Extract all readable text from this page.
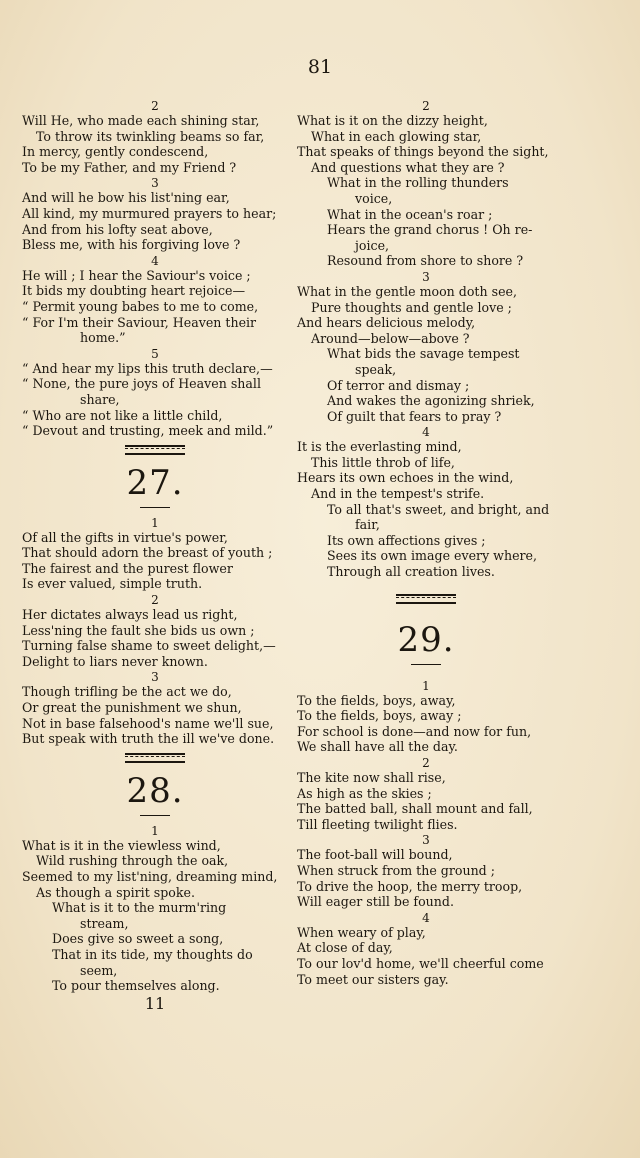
81
2
Will He, who made each shining star,
To throw its twinkling beams so far,
In mercy, gently condescend,
To be my Father, and my Friend ?
3
And will he bow his list'ning ear,
All kind, my murmured prayers to hear;
And from his lofty seat above,
Bless me, with his forgiving love ?
4
He will ; I hear the Saviour's voice ;
It bids my doubting heart rejoice—
“ Permit young babes to me to come,
“ For I'm their Saviour, Heaven their
home.”
5
“ And hear my lips this truth declare,—
“ None, the pure joys of Heaven shall
share,
“ Who are not like a little child,
“ Devout and trusting, meek and mild.”
27.
1
Of all the gifts in virtue's power,
That should adorn the breast of youth ;
The fairest and the purest flower
Is ever valued, simple truth.
2
Her dictates always lead us right,
Less'ning the fault she bids us own ;
Turning false shame to sweet delight,—
Delight to liars never known.
3
Though trifling be the act we do,
Or great the punishment we shun,
Not in base falsehood's name we'll sue,
But speak with truth the ill we've done.
28.
1
What is it in the viewless wind,
Wild rushing through the oak,
Seemed to my list'ning, dreaming mind,
As though a spirit spoke.
What is it to the murm'ring
stream,
Does give so sweet a song,
That in its tide, my thoughts do
seem,
To pour themselves along.
11
2
What is it on the dizzy height,
What in each glowing star,
That speaks of things beyond the sight,
And questions what they are ?
What in the rolling thunders
voice,
What in the ocean's roar ;
Hears the grand chorus ! Oh re-
joice,
Resound from shore to shore ?
3
What in the gentle moon doth see,
Pure thoughts and gentle love ;
And hears delicious melody,
Around—below—above ?
What bids the savage tempest
speak,
Of terror and dismay ;
And wakes the agonizing shriek,
Of guilt that fears to pray ?
4
It is the everlasting mind,
This little throb of life,
Hears its own echoes in the wind,
And in the tempest's strife.
To all that's sweet, and bright, and
fair,
Its own affections gives ;
Sees its own image every where,
Through all creation lives.
29.
1
To the fields, boys, away,
To the fields, boys, away ;
For school is done—and now for fun,
We shall have all the day.
2
The kite now shall rise,
As high as the skies ;
The batted ball, shall mount and fall,
Till fleeting twilight flies.
3
The foot-ball will bound,
When struck from the ground ;
To drive the hoop, the merry troop,
Will eager still be found.
4
When weary of play,
At close of day,
To our lov'd home, we'll cheerful come
To meet our sisters gay.
